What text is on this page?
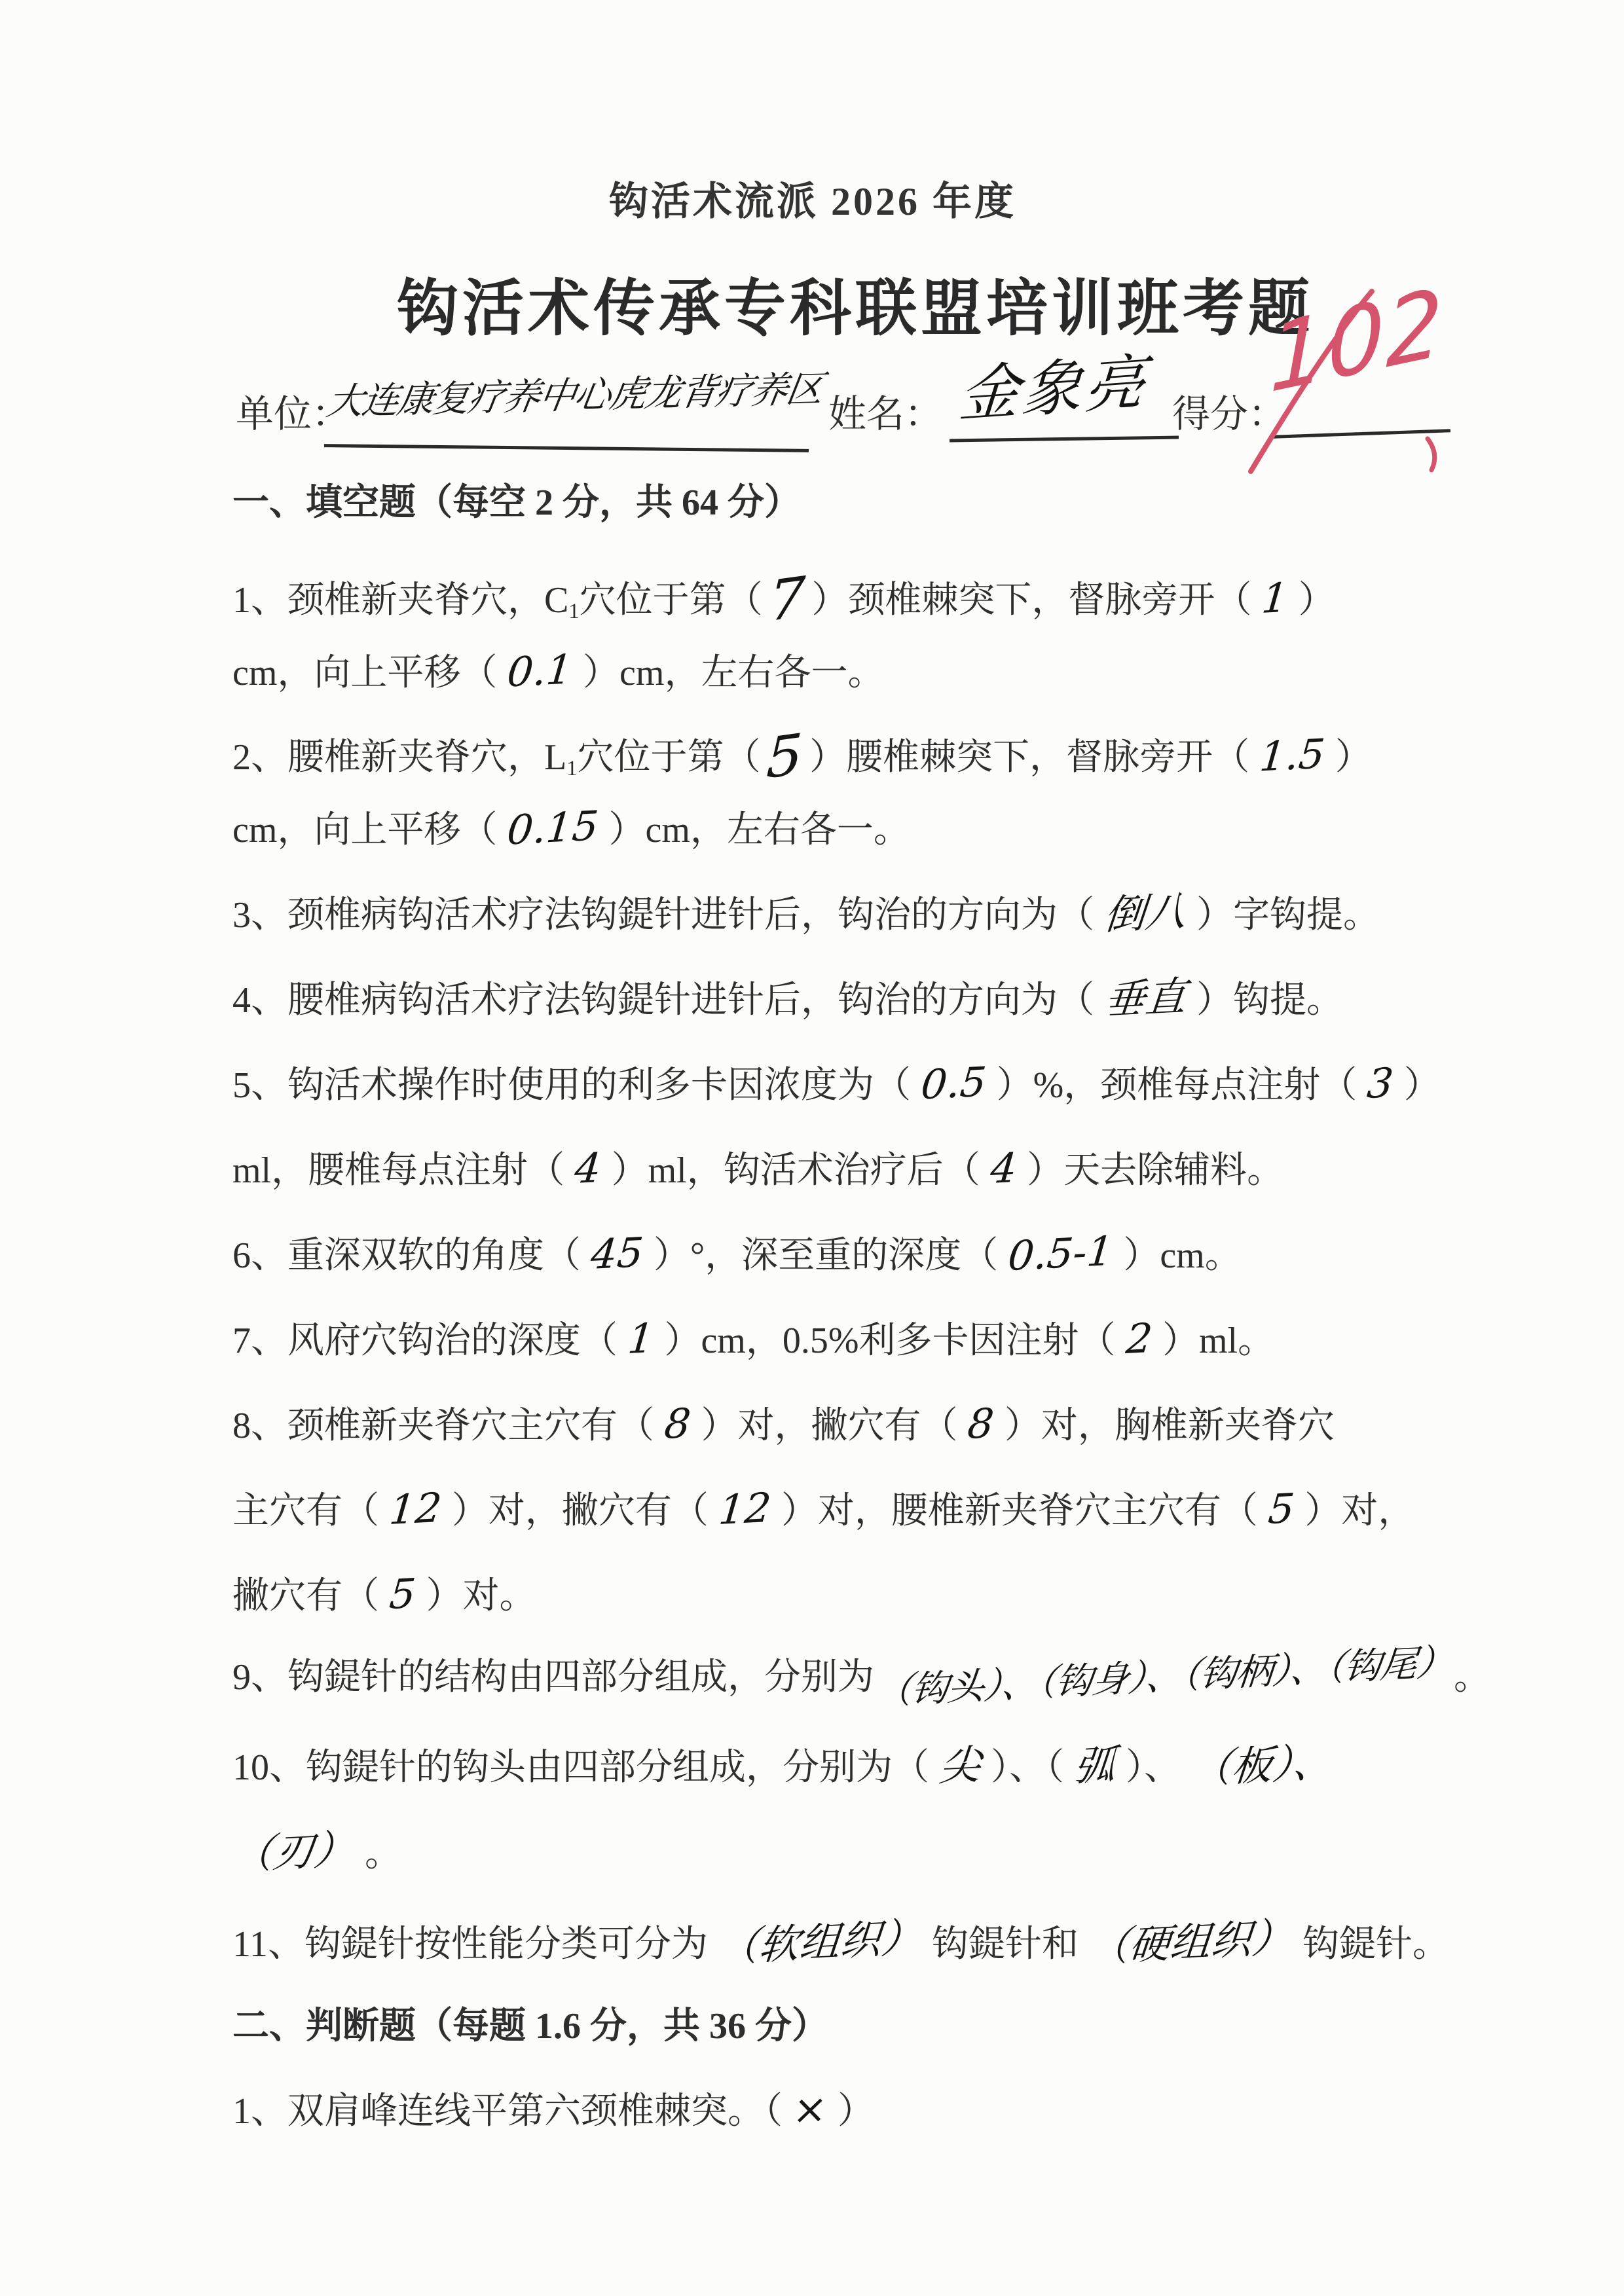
钩活术流派 2026 年度
钩活术传承专科联盟培训班考题
单位：
大连康复疗养中心虎龙背疗养区 姓名： 金象亮 得分：
102
一、填空题（每空 2 分，共 64 分）
1、颈椎新夹脊穴，$C_1$穴位于第（7 ）颈椎棘突下，督脉旁开（ 1 ）
cm，向上平移（ 0.1 ）cm，左右各一。
2、腰椎新夹脊穴，$L_1$穴位于第（5 ）腰椎棘突下，督脉旁开（ 1.5 ）
cm，向上平移（ 0.15 ）cm，左右各一。
3、颈椎病钩活术疗法钩鍉针进针后，钩治的方向为（ 倒八 ）字钩提。
4、腰椎病钩活术疗法钩鍉针进针后，钩治的方向为（ 垂直 ）钩提。
5、钩活术操作时使用的利多卡因浓度为（ 0.5 ）%，颈椎每点注射（ 3 ）
ml，腰椎每点注射（ 4 ）ml，钩活术治疗后（ 4 ）天去除辅料。
6、重深双软的角度（ 45 ）°，深至重的深度（ 0.5-1 ）cm。
7、风府穴钩治的深度（ 1 ）cm，0.5%利多卡因注射（ 2 ）ml。
8、颈椎新夹脊穴主穴有（ 8 ）对，撇穴有（ 8 ）对，胸椎新夹脊穴
主穴有（ 12 ）对，撇穴有（ 12 ）对，腰椎新夹脊穴主穴有（ 5 ）对，
撇穴有（ 5 ）对。
9、钩鍉针的结构由四部分组成，分别为（钩头）、（钩身）、（钩柄）、（钩尾）。
10、钩鍉针的钩头由四部分组成，分别为（ 尖 ）、（ 弧 ）、 （板）、
（刃） 。
11、钩鍉针按性能分类可分为 （软组织） 钩鍉针和 （硬组织） 钩鍉针。
二、判断题（每题 1.6 分，共 36 分）
1、双肩峰连线平第六颈椎棘突。（ × ）
